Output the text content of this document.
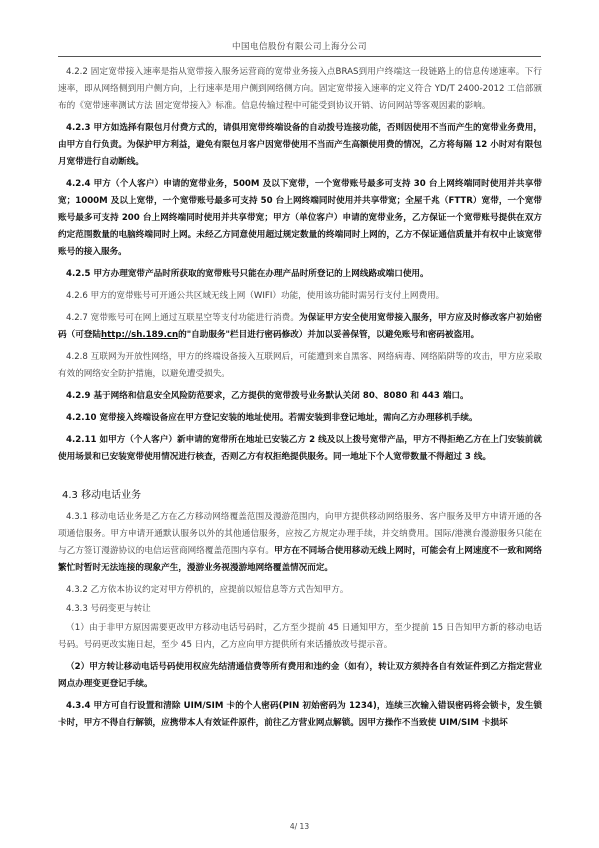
中国电信股份有限公司上海分公司

4.2.2 固定宽带接入速率是指从宽带接入服务运营商的宽带业务接入点BRAS到用户终端这一段链路上的信息传递速率。下行速率，即从网络侧到用户侧方向，上行速率是用户侧到网络侧方向。固定宽带接入速率的定义符合 YD/T 2400-2012 工信部颁布的《宽带速率测试方法 固定宽带接入》标准。信息传输过程中可能受到协议开销、访问网站等客观因素的影响。

4.2.3 甲方如选择有限包月付费方式的，请俱用宽带终端设备的自动拨号连接功能，否则因使用不当而产生的宽带业务费用，由甲方自行负责。为保护甲方利益，避免有限包月客户因宽带使用不当而产生高额使用费的情况，乙方将每隔 12 小时对有限包月宽带进行自动断线。

4.2.4 甲方（个人客户）申请的宽带业务，500M 及以下宽带，一个宽带账号最多可支持 30 台上网终端同时使用并共享带宽；1000M 及以上宽带，一个宽带账号最多可支持 50 台上网终端同时使用并共享带宽；全屋千兆（FTTR）宽带，一个宽带账号最多可支持 200 台上网终端同时使用并共享带宽；甲方（单位客户）申请的宽带业务，乙方保证一个宽带账号提供在双方约定范围数量的电脑终端同时上网。未经乙方同意使用超过规定数量的终端同时上网的，乙方不保证通信质量并有权中止该宽带账号的接入服务。

4.2.5 甲方办理宽带产品时所获取的宽带账号只能在办理产品时所登记的上网线路或端口使用。

4.2.6 甲方的宽带账号可开通公共区域无线上网（WIFI）功能，使用该功能时需另行支付上网费用。

4.2.7 宽带账号可在网上通过互联星空等支付功能进行消费。为保证甲方安全使用宽带接入服务，甲方应及时修改客户初始密码（可登陆http://sh.189.cn的"自助服务"栏目进行密码修改）并加以妥善保管，以避免账号和密码被盗用。

4.2.8 互联网为开放性网络，甲方的终端设备接入互联网后，可能遭到来自黑客、网络病毒、网络陷阱等的攻击，甲方应采取有效的网络安全防护措施，以避免遭受损失。

4.2.9 基于网络和信息安全风险防范要求，乙方提供的宽带拨号业务默认关闭 80、8080 和 443 端口。

4.2.10 宽带接入终端设备应在甲方登记安装的地址使用。若需安装到非登记地址，需向乙方办理移机手续。

4.2.11 如甲方（个人客户）新申请的宽带所在地址已安装乙方 2 线及以上拨号宽带产品，甲方不得拒绝乙方在上门安装前就使用场景和已安装宽带使用情况进行核查，否则乙方有权拒绝提供服务。同一地址下个人宽带数量不得超过 3 线。

4.3 移动电话业务

4.3.1 移动电话业务是乙方在乙方移动网络覆盖范围及漫游范围内，向甲方提供移动网络服务、客户服务及甲方申请开通的各项通信服务。甲方申请开通默认服务以外的其他通信服务，应按乙方规定办理手续，并交纳费用。国际/港澳台漫游服务只能在与乙方签订漫游协议的电信运营商网络覆盖范围内享有。甲方在不同场合使用移动无线上网时，可能会有上网速度不一致和网络繁忙时暂时无法连接的现象产生，漫游业务视漫游地网络覆盖情况而定。

4.3.2 乙方依本协议约定对甲方停机的，应提前以短信息等方式告知甲方。

4.3.3 号码变更与转让

（1）由于非甲方原因需要更改甲方移动电话号码时，乙方至少提前 45 日通知甲方，至少提前 15 日告知甲方新的移动电话号码。号码更改实施日起，至少 45 日内，乙方应向甲方提供所有来话播放改号提示音。

（2）甲方转让移动电话号码使用权应先结清通信费等所有费用和违约金（如有），转让双方须持各自有效证件到乙方指定营业网点办理变更登记手续。

4.3.4 甲方可自行设置和清除 UIM/SIM 卡的个人密码(PIN 初始密码为 1234)，连续三次输入错误密码将会锁卡，发生锁卡时，甲方不得自行解锁，应携带本人有效证件原件，前往乙方营业网点解锁。因甲方操作不当致使 UIM/SIM 卡损坏

4/ 13
